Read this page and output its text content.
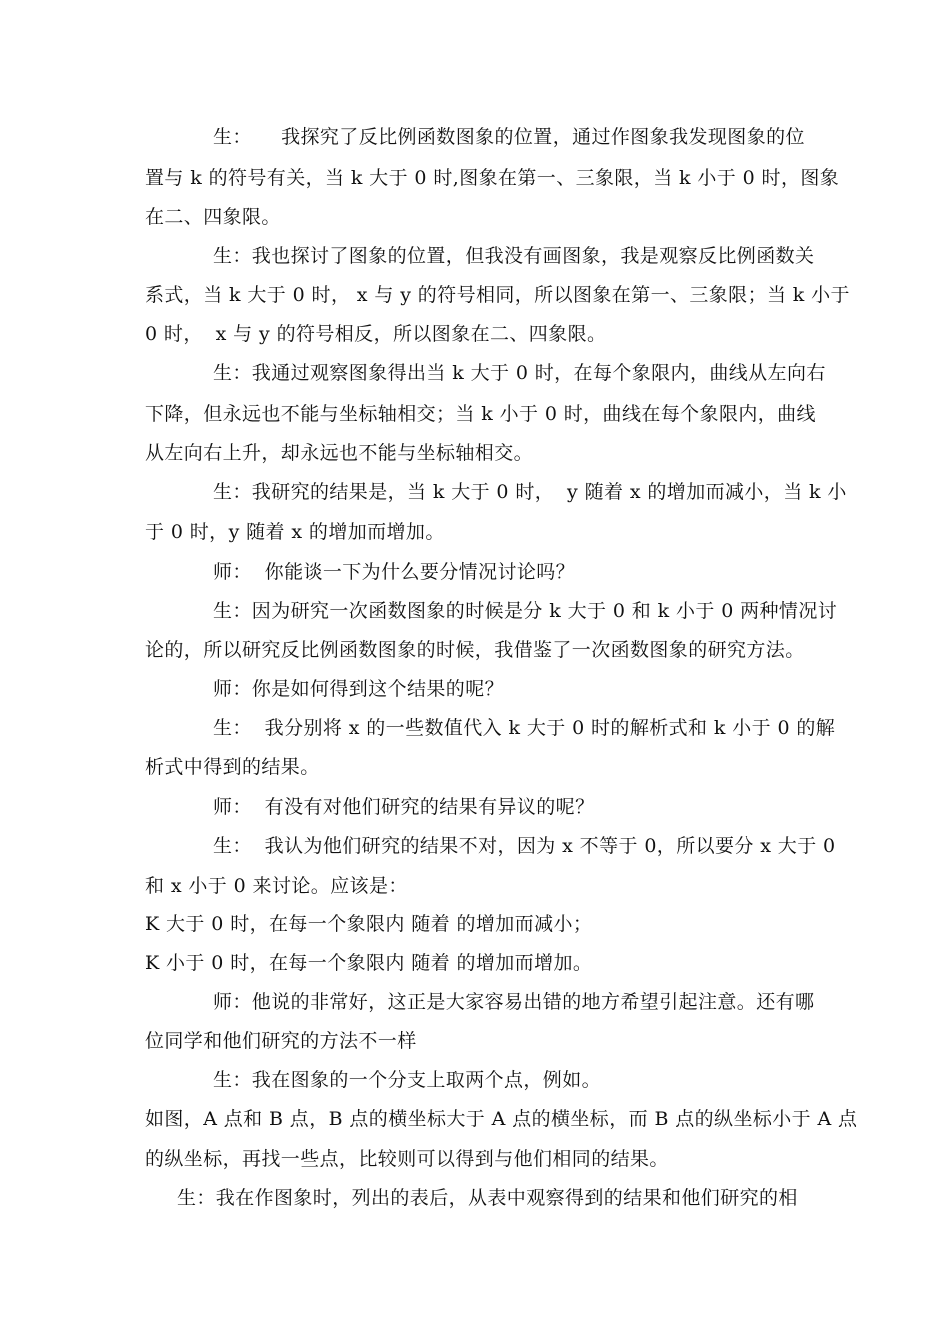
生：　　我探究了反比例函数图象的位置，通过作图象我发现图象的位
置与 k 的符号有关，当 k 大于 0 时,图象在第一、三象限，当 k 小于 0 时，图象
在二、四象限。
生：我也探讨了图象的位置，但我没有画图象，我是观察反比例函数关
系式，当 k 大于 0 时， x 与 y 的符号相同，所以图象在第一、三象限；当 k 小于
0 时，  x 与 y 的符号相反，所以图象在二、四象限。
生：我通过观察图象得出当 k 大于 0 时，在每个象限内，曲线从左向右
下降，但永远也不能与坐标轴相交；当 k 小于 0 时，曲线在每个象限内，曲线
从左向右上升，却永远也不能与坐标轴相交。
生：我研究的结果是，当 k 大于 0 时，  y 随着 x 的增加而减小，当 k 小
于 0 时，y 随着 x 的增加而增加。
师：  你能谈一下为什么要分情况讨论吗？
生：因为研究一次函数图象的时候是分 k 大于 0 和 k 小于 0 两种情况讨
论的，所以研究反比例函数图象的时候，我借鉴了一次函数图象的研究方法。
师：你是如何得到这个结果的呢？
生：  我分别将 x 的一些数值代入 k 大于 0 时的解析式和 k 小于 0 的解
析式中得到的结果。
师：  有没有对他们研究的结果有异议的呢？
生：  我认为他们研究的结果不对，因为 x 不等于 0，所以要分 x 大于 0
和 x 小于 0 来讨论。应该是：
K 大于 0 时，在每一个象限内 随着 的增加而减小；
K 小于 0 时，在每一个象限内 随着 的增加而增加。
师：他说的非常好，这正是大家容易出错的地方希望引起注意。还有哪
位同学和他们研究的方法不一样
生：我在图象的一个分支上取两个点，例如。
如图，A 点和 B 点，B 点的横坐标大于 A 点的横坐标，而 B 点的纵坐标小于 A 点
的纵坐标，再找一些点，比较则可以得到与他们相同的结果。
生：我在作图象时，列出的表后，从表中观察得到的结果和他们研究的相
